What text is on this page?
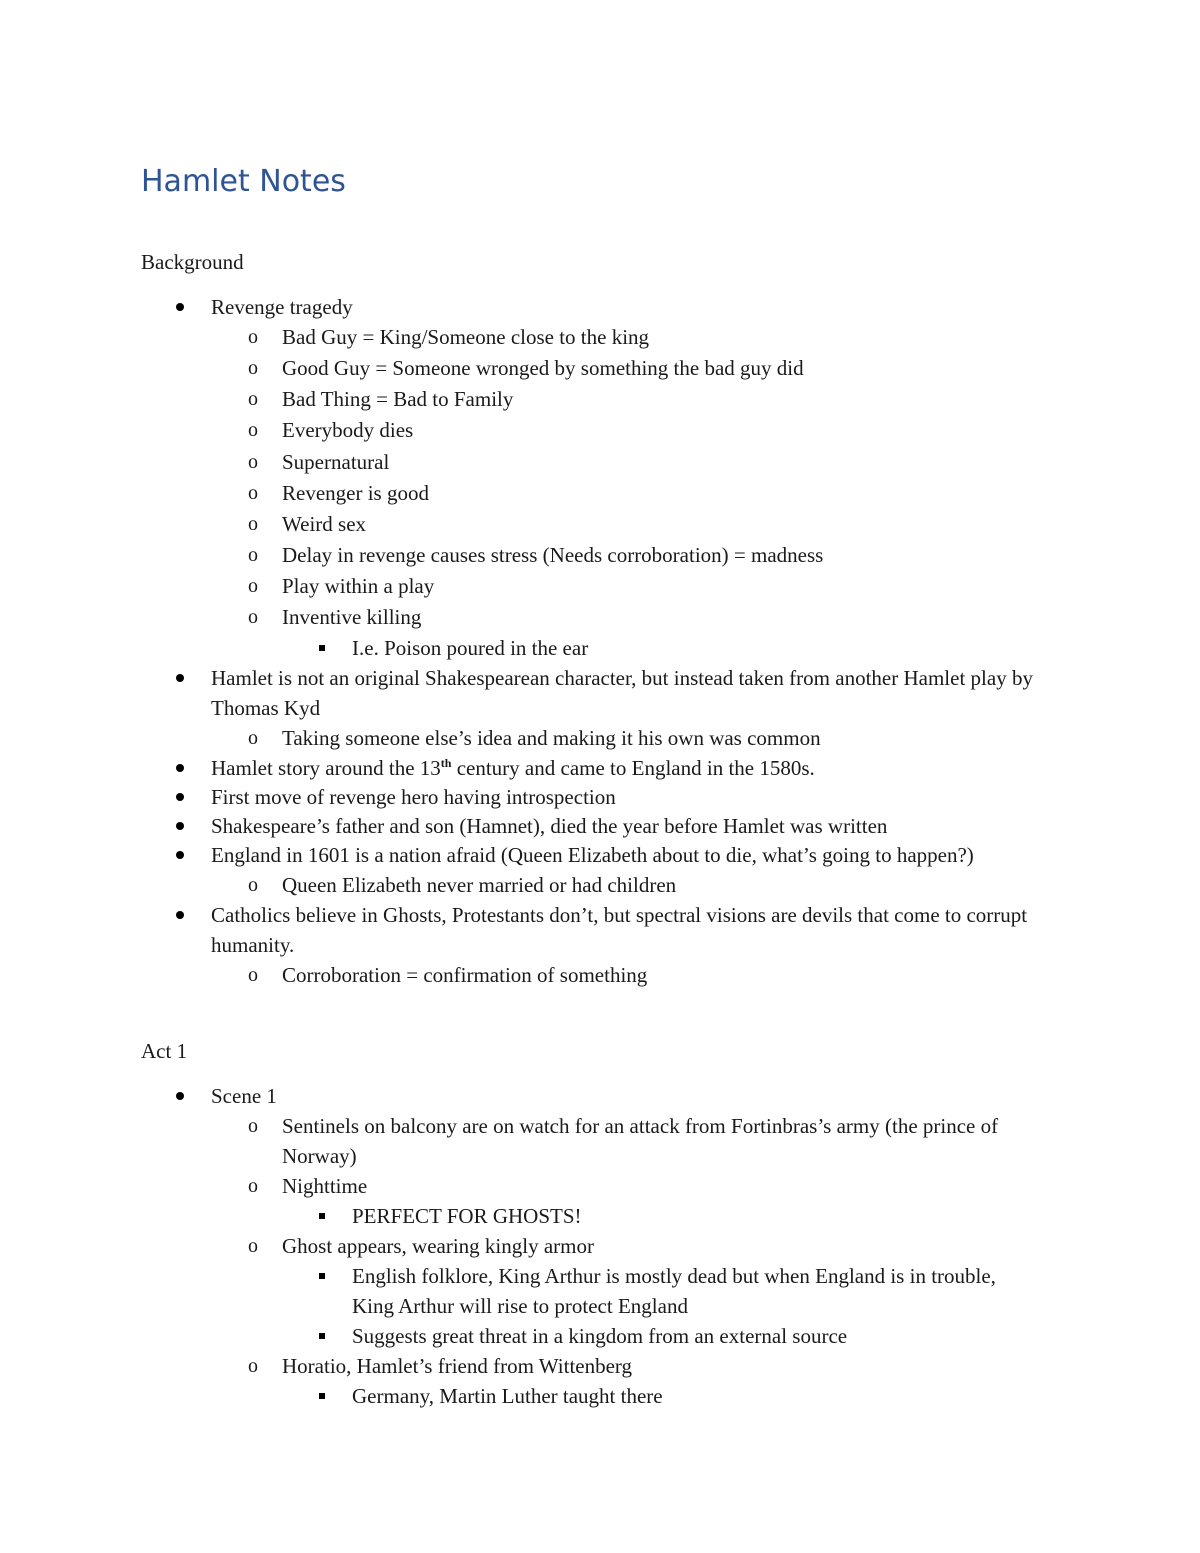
Hamlet Notes

Background

Revenge tragedy
o	Bad Guy = King/Someone close to the king
o	Good Guy = Someone wronged by something the bad guy did
o	Bad Thing = Bad to Family
o	Everybody dies
o	Supernatural
o	Revenger is good
o	Weird sex
o	Delay in revenge causes stress (Needs corroboration) = madness
o	Play within a play
o	Inventive killing
I.e. Poison poured in the ear
Hamlet is not an original Shakespearean character, but instead taken from another Hamlet play by Thomas Kyd
o	Taking someone else’s idea and making it his own was common
Hamlet story around the 13th century and came to England in the 1580s.
First move of revenge hero having introspection
Shakespeare’s father and son (Hamnet), died the year before Hamlet was written
England in 1601 is a nation afraid (Queen Elizabeth about to die, what’s going to happen?)
o	Queen Elizabeth never married or had children
Catholics believe in Ghosts, Protestants don’t, but spectral visions are devils that come to corrupt humanity.
o	Corroboration = confirmation of something

Act 1

Scene 1
o	Sentinels on balcony are on watch for an attack from Fortinbras’s army (the prince of Norway)
o	Nighttime
PERFECT FOR GHOSTS!
o	Ghost appears, wearing kingly armor
English folklore, King Arthur is mostly dead but when England is in trouble, King Arthur will rise to protect England
Suggests great threat in a kingdom from an external source
o	Horatio, Hamlet’s friend from Wittenberg
Germany, Martin Luther taught there
